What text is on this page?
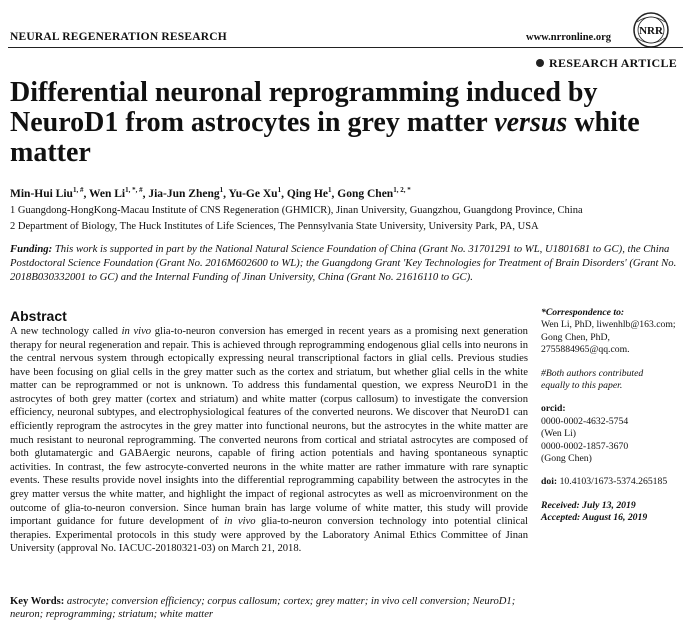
NEURAL REGENERATION RESEARCH	www.nrronline.org
NRR
RESEARCH ARTICLE
Differential neuronal reprogramming induced by
NeuroD1 from astrocytes in grey matter versus white
matter
Min-Hui Liu$^{1, \#}$, Wen $Li^{1, *, \#}$, Jia-Jun Zheng$^1$, Yu-Ge Xu$^1$, Qing He$^1$, Gong Chen$^{1, 2, *}$
1 Guangdong-HongKong-Macau Institute of CNS Regeneration (GHMICR), Jinan University, Guangzhou, Guangdong Province, China
2 Department of Biology, The Huck Institutes of Life Sciences, The Pennsylvania State University, University Park, PA, USA
Funding: This work is supported in part by the National Natural Science Foundation of China (Grant No. 31701291 to WL, U1801681 to GC), the China Postdoctoral Science Foundation (Grant No. 2016M602600 to WL); the Guangdong Grant 'Key Technologies for Treatment of Brain Disorders' (Grant No. 2018B030332001 to GC) and the Internal Funding of Jinan University, China (Grant No. 21616110 to GC).
Abstract
A new technology called in vivo glia-to-neuron conversion has emerged in recent years as a promising next generation therapy for neural regeneration and repair. This is achieved through reprogramming endogenous glial cells into neurons in the central nervous system through ectopically expressing neural transcriptional factors in glial cells. Previous studies have been focusing on glial cells in the grey matter such as the cortex and striatum, but whether glial cells in the white matter can be reprogrammed or not is unknown. To address this fundamental question, we express NeuroD1 in the astrocytes of both grey matter (cortex and striatum) and white matter (corpus callosum) to investigate the conversion efficiency, neuronal subtypes, and electrophysiological features of the converted neurons. We discover that NeuroD1 can efficiently reprogram the astrocytes in the grey matter into functional neurons, but the astrocytes in the white matter are much resistant to neuronal reprogramming. The converted neurons from cortical and striatal astrocytes are composed of both glutamatergic and GABAergic neurons, capable of firing action potentials and having spontaneous synaptic activities. In contrast, the few astrocyte-converted neurons in the white matter are rather immature with rare synaptic events. These results provide novel insights into the differential reprogramming capability between the astrocytes in the grey matter versus the white matter, and highlight the impact of regional astrocytes as well as microenvironment on the outcome of glia-to-neuron conversion. Since human brain has large volume of white matter, this study will provide important guidance for future development of in vivo glia-to-neuron conversion technology into potential clinical therapies. Experimental protocols in this study were approved by the Laboratory Animal Ethics Committee of Jinan University (approval No. IACUC-20180321-03) on March 21, 2018.
Key Words: astrocyte; conversion efficiency; corpus callosum; cortex; grey matter; in vivo cell conversion; NeuroD1; neuron; reprogramming; striatum; white matter
*Correspondence to:
Wen Li, PhD, liwenhlb@163.com;
Gong Chen, PhD,
2755884965@qq.com.
#Both authors contributed
equally to this paper.
orcid:
0000-0002-4632-5754
(Wen Li)
0000-0002-1857-3670
(Gong Chen)
doi: 10.4103/1673-5374.265185
Received: July 13, 2019
Accepted: August 16, 2019
